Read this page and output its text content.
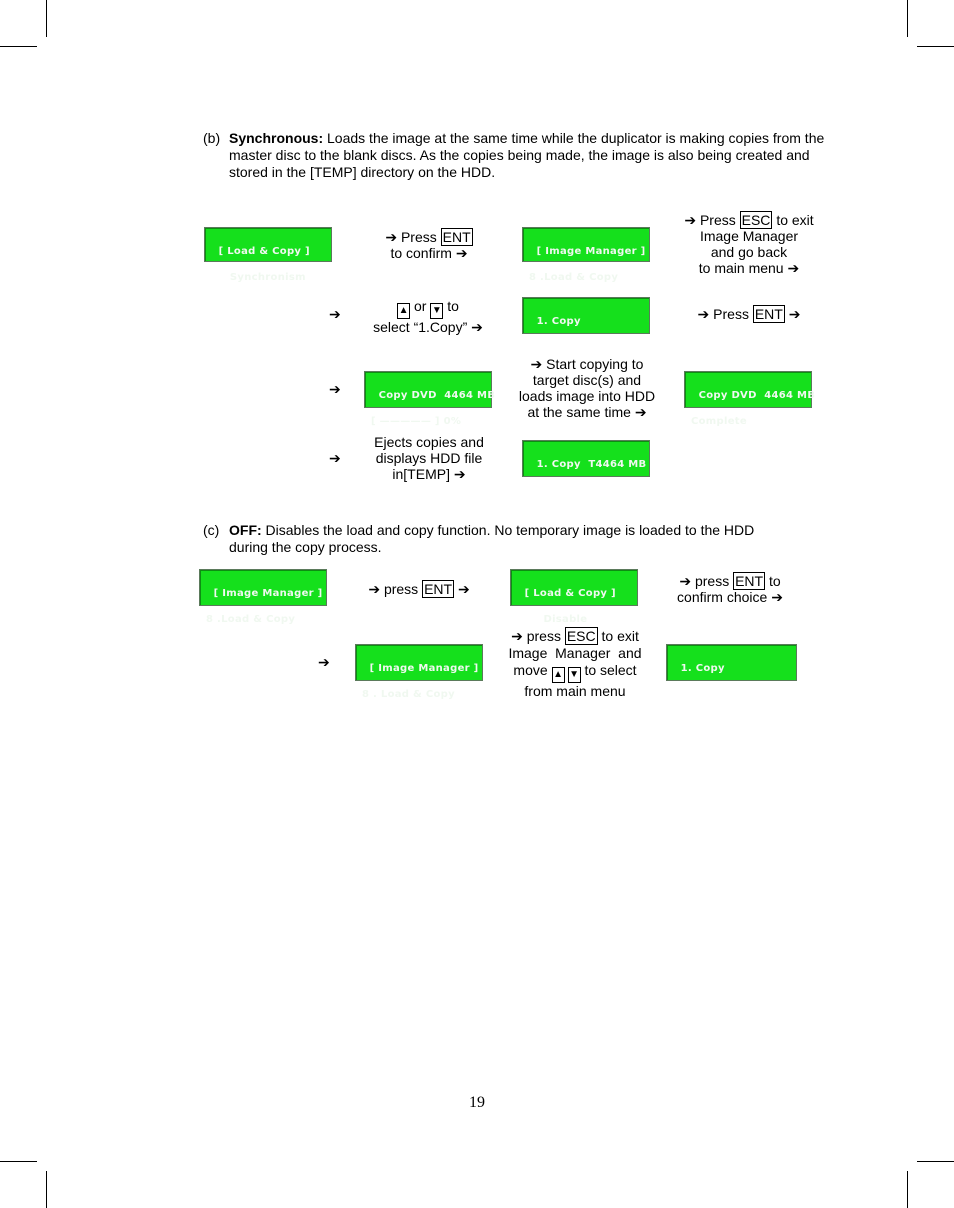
(b) Synchronous: Loads the image at the same time while the duplicator is making copies from the
master disc to the blank discs. As the copies being made, the image is also being created and
stored in the [TEMP] directory on the HDD.

[ Load & Copy ]

Synchronism

➔ Press ENT
to confirm ➔	[ Image Manager ]

8 .Load & Copy

➔ Press ESC to exit
Image Manager
and go back
to main menu ➔
➔	▲ or ▼ to
select “1.Copy” ➔	1. Copy
	➔ Press ENT ➔
➔	Copy DVD  4464 MB

[ ————— ] 0%

➔ Start copying to
target disc(s) and
loads image into HDD
at the same time ➔

Copy DVD  4464 MB

Complete

➔
Ejects copies and
displays HDD file
in[TEMP] ➔

1. Copy  T4464 MB

(c) OFF: Disables the load and copy function. No temporary image is loaded to the HDD
during the copy process.

[ Image Manager ]

8 .Load & Copy

➔ press ENT ➔	[ Load & Copy ]

Disable

➔ press ENT to
confirm choice ➔
➔	[ Image Manager ]

8 . Load & Copy

➔ press ESC to exit
Image  Manager  and
move ▲ ▼ to select
from main menu

1. Copy

19
